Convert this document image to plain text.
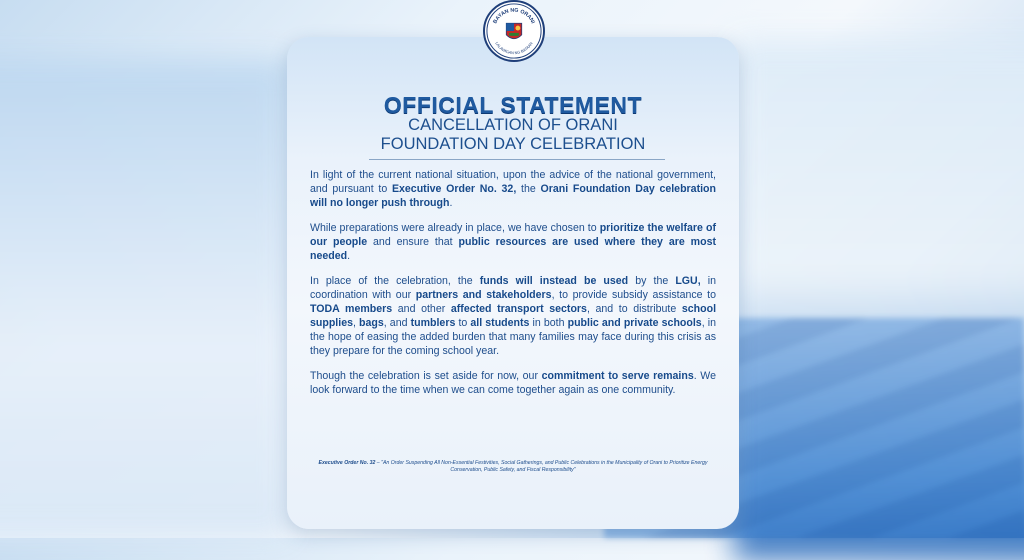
BAYAN NG ORANI
LALAWIGAN NG BATAAN
OFFICIAL STATEMENT
CANCELLATION OF ORANI
FOUNDATION DAY CELEBRATION

In light of the current national situation, upon the advice of the national government, and pursuant to Executive Order No. 32, the Orani Foundation Day celebration will no longer push through.

While preparations were already in place, we have chosen to prioritize the welfare of our people and ensure that public resources are used where they are most needed.

In place of the celebration, the funds will instead be used by the LGU, in coordination with our partners and stakeholders, to provide subsidy assistance to TODA members and other affected transport sectors, and to distribute school supplies, bags, and tumblers to all students in both public and private schools, in the hope of easing the added burden that many families may face during this crisis as they prepare for the coming school year.

Though the celebration is set aside for now, our commitment to serve remains. We look forward to the time when we can come together again as one community.

Executive Order No. 32 – "An Order Suspending All Non-Essential Festivities, Social Gatherings, and Public Celebrations in the Municipality of Orani to Prioritize Energy Conservation, Public Safety, and Fiscal Responsibility"
